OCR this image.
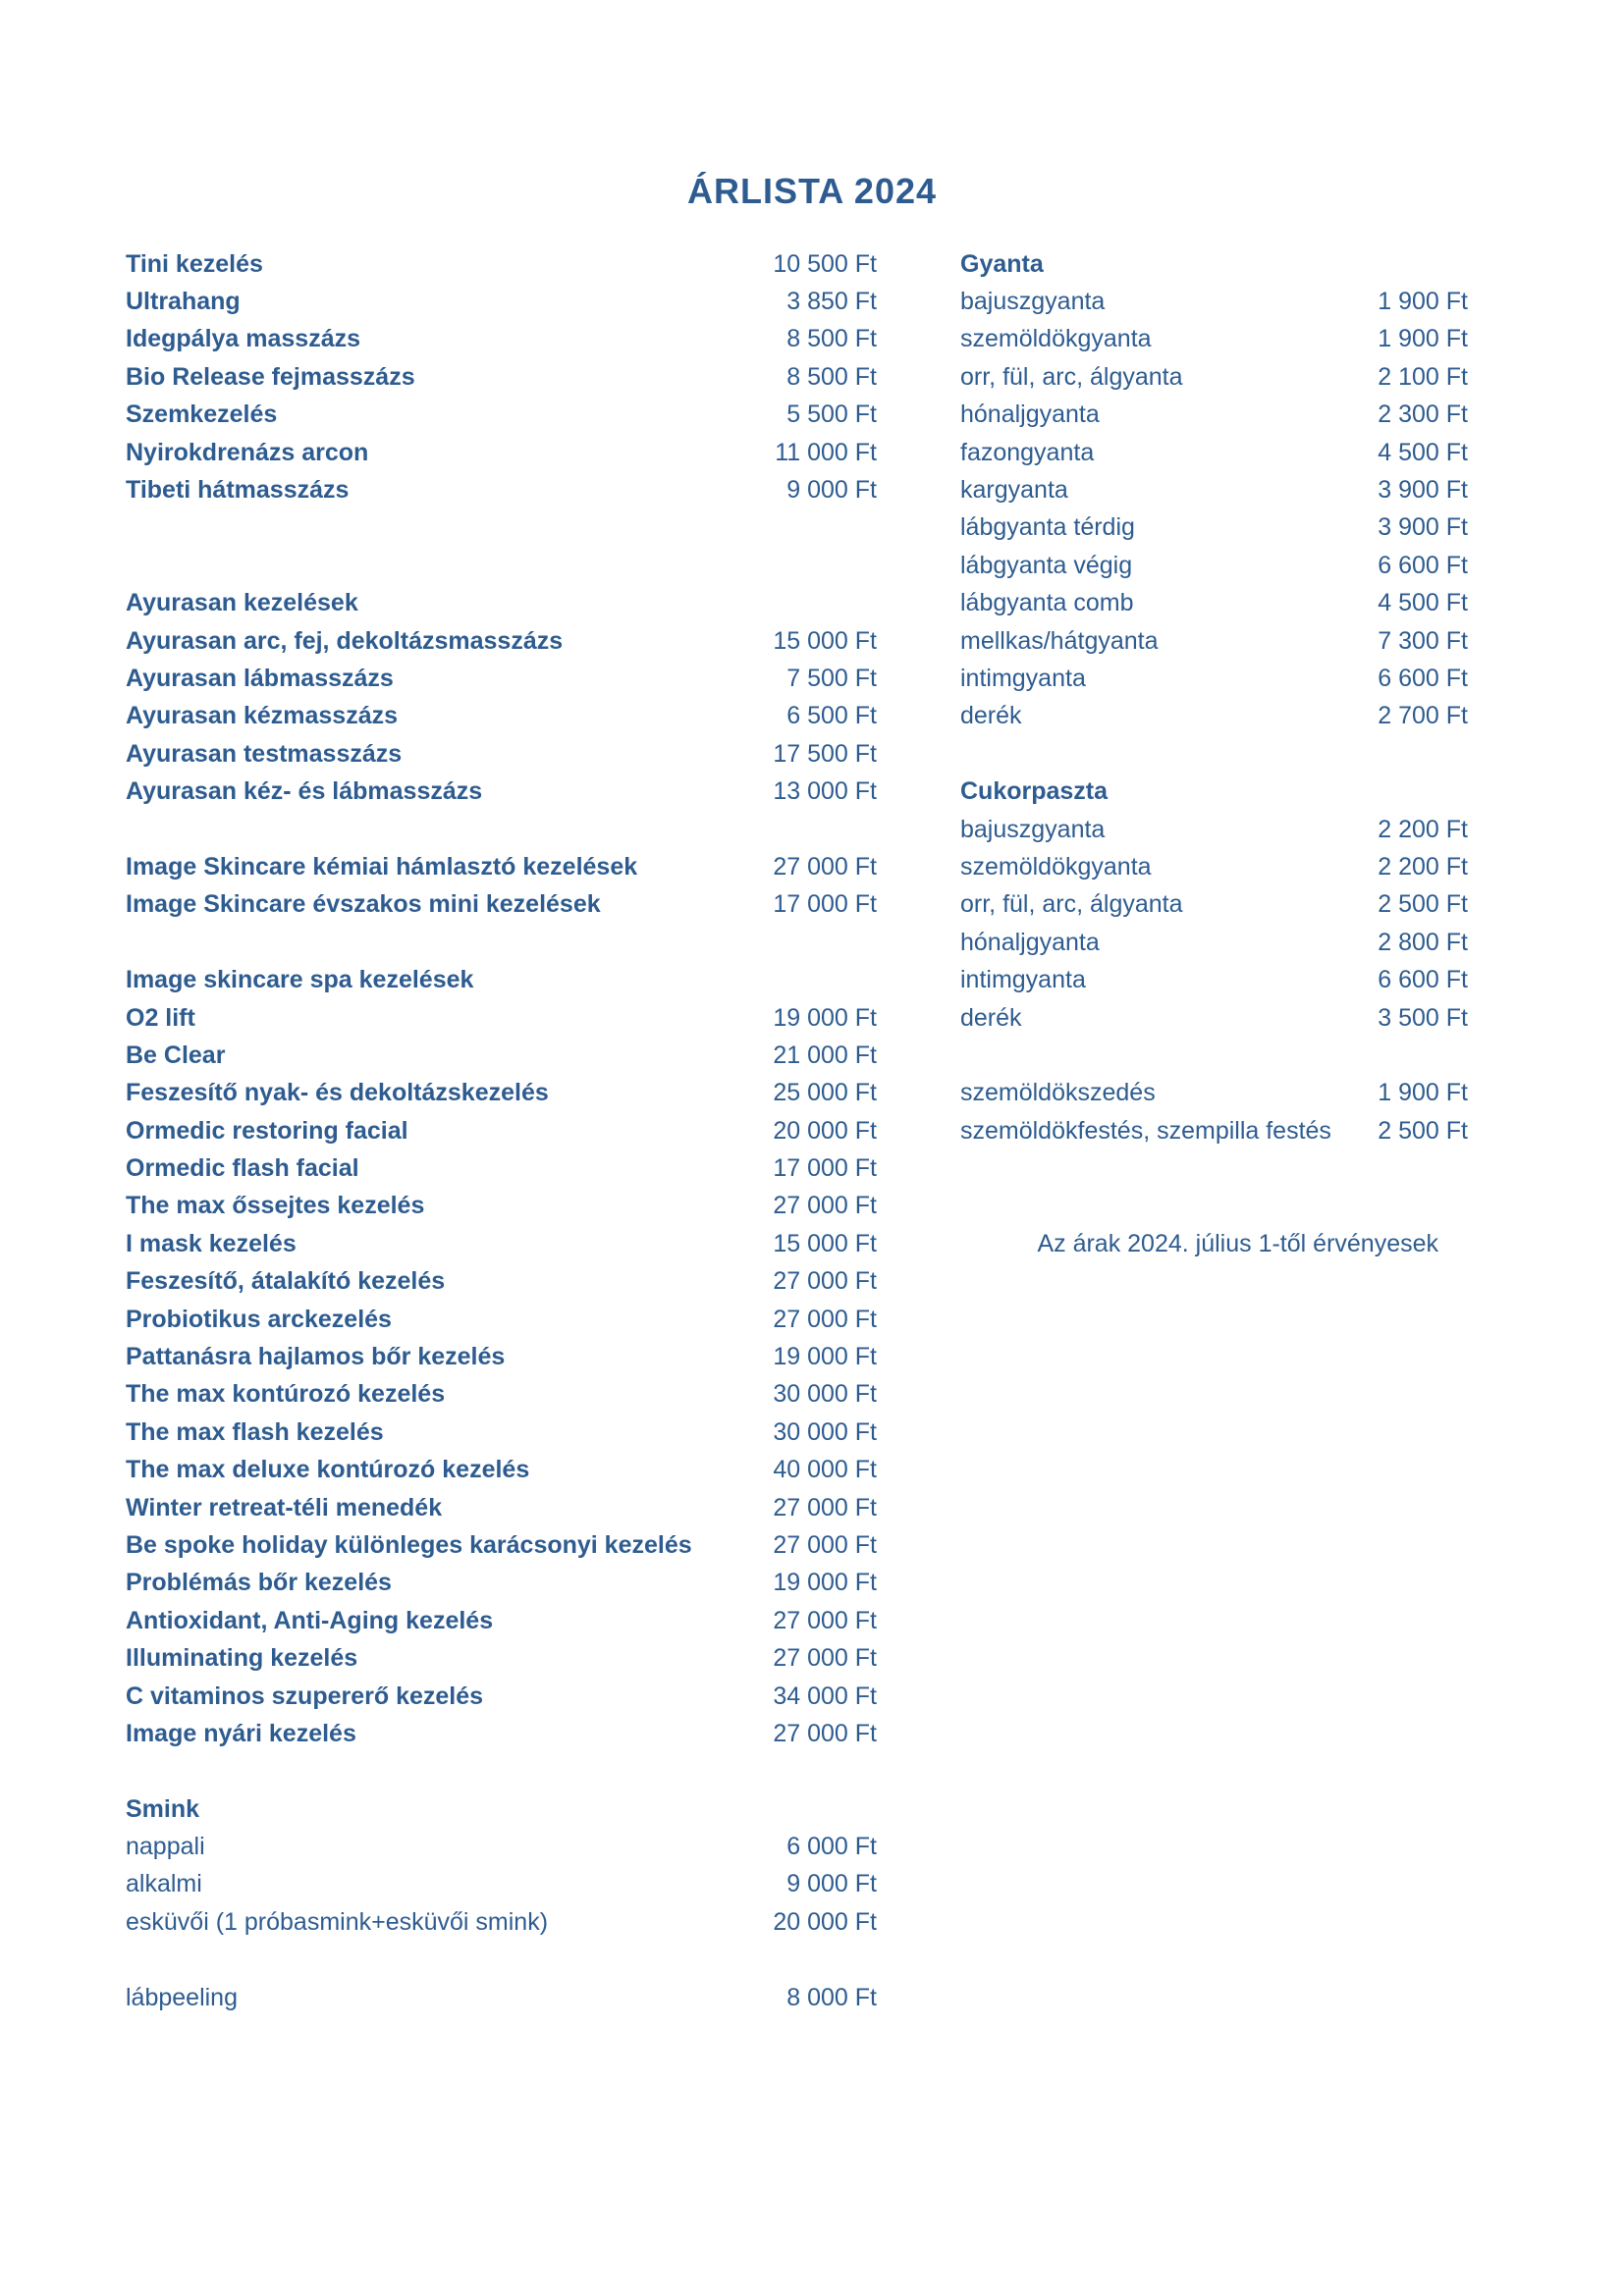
ÁRLISTA 2024
Tini kezelés	10 500 Ft
Ultrahang	3 850 Ft
Idegpálya masszázs	8 500 Ft
Bio Release fejmasszázs	8 500 Ft
Szemkezelés	5 500 Ft
Nyirokdrenázs arcon	11 000 Ft
Tibeti hátmasszázs	9 000 Ft
Ayurasan kezelések
Ayurasan arc, fej, dekoltázsmasszázs	15 000 Ft
Ayurasan lábmasszázs	7 500 Ft
Ayurasan kézmasszázs	6 500 Ft
Ayurasan testmasszázs	17 500 Ft
Ayurasan kéz- és lábmasszázs	13 000 Ft
Image Skincare kémiai hámlasztó kezelések	27 000 Ft
Image Skincare évszakos mini kezelések	17 000 Ft
Image skincare spa kezelések
O2 lift	19 000 Ft
Be Clear	21 000 Ft
Feszesítő nyak- és dekoltázskezelés	25 000 Ft
Ormedic restoring facial	20 000 Ft
Ormedic flash facial	17 000 Ft
The max őssejtes kezelés	27 000 Ft
I mask kezelés	15 000 Ft
Feszesítő, átalakító kezelés	27 000 Ft
Probiotikus arckezelés	27 000 Ft
Pattanásra hajlamos bőr kezelés	19 000 Ft
The max kontúrozó kezelés	30 000 Ft
The max flash kezelés	30 000 Ft
The max deluxe kontúrozó kezelés	40 000 Ft
Winter retreat-téli menedék	27 000 Ft
Be spoke holiday különleges karácsonyi kezelés	27 000 Ft
Problémás bőr kezelés	19 000 Ft
Antioxidant, Anti-Aging kezelés	27 000 Ft
Illuminating kezelés	27 000 Ft
C vitaminos szupererő kezelés	34 000 Ft
Image nyári kezelés	27 000 Ft
Smink
nappali	6 000 Ft
alkalmi	9 000 Ft
esküvői (1 próbasmink+esküvői smink)	20 000 Ft
lábpeeling	8 000 Ft
Gyanta
bajuszgyanta	1 900 Ft
szemöldökgyanta	1 900 Ft
orr, fül, arc, álgyanta	2 100 Ft
hónaljgyanta	2 300 Ft
fazongyanta	4 500 Ft
kargyanta	3 900 Ft
lábgyanta térdig	3 900 Ft
lábgyanta végig	6 600 Ft
lábgyanta comb	4 500 Ft
mellkas/hátgyanta	7 300 Ft
intimgyanta	6 600 Ft
derék	2 700 Ft
Cukorpaszta
bajuszgyanta	2 200 Ft
szemöldökgyanta	2 200 Ft
orr, fül, arc, álgyanta	2 500 Ft
hónaljgyanta	2 800 Ft
intimgyanta	6 600 Ft
derék	3 500 Ft
szemöldökszedés	1 900 Ft
szemöldökfestés, szempilla festés 2 500 Ft
Az árak 2024. július 1-től érvényesek
